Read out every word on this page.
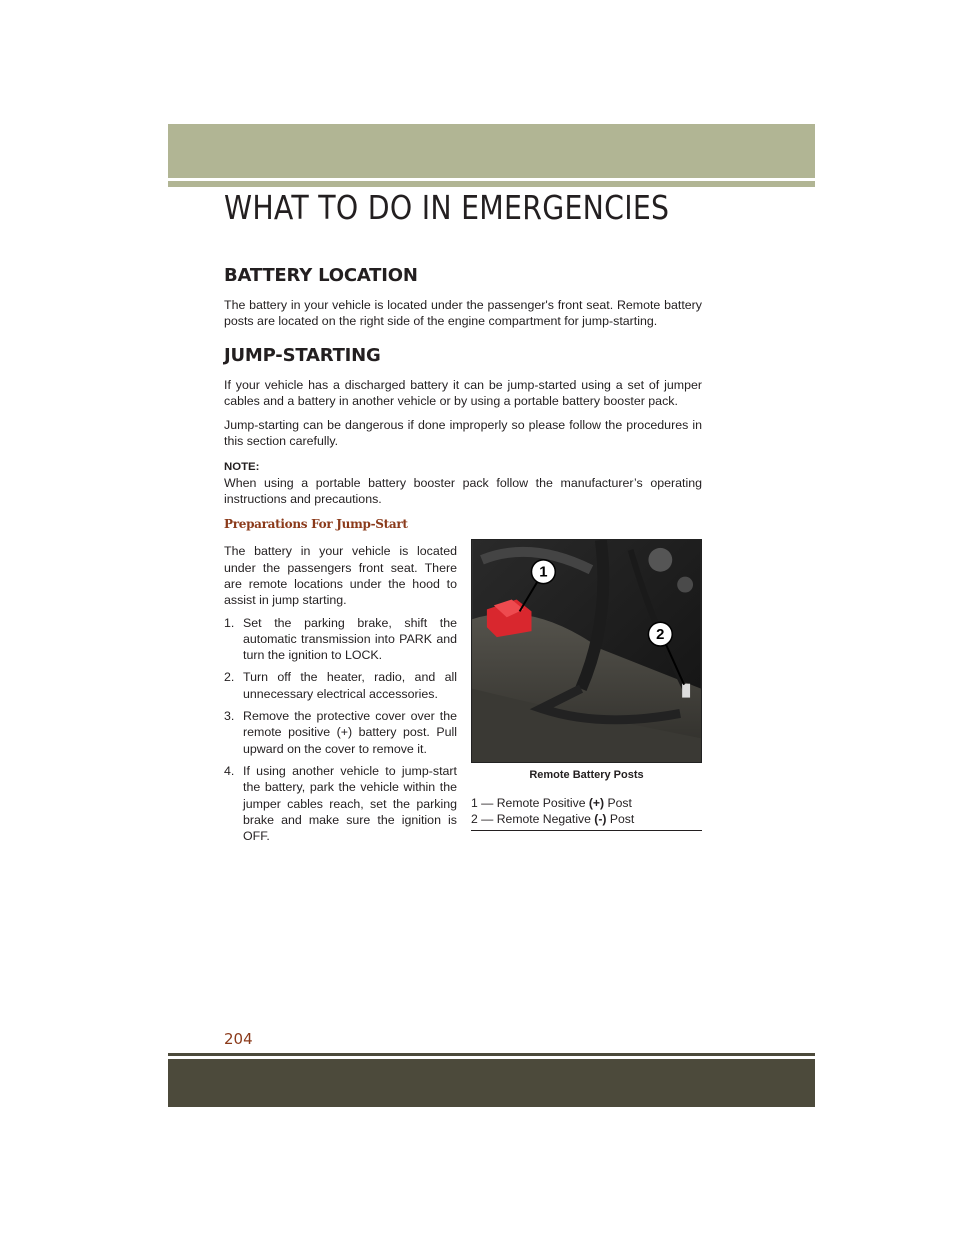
WHAT TO DO IN EMERGENCIES
BATTERY LOCATION

The battery in your vehicle is located under the passenger's front seat. Remote battery posts are located on the right side of the engine compartment for jump-starting.

JUMP-STARTING

If your vehicle has a discharged battery it can be jump-started using a set of jumper cables and a battery in another vehicle or by using a portable battery booster pack.

Jump-starting can be dangerous if done improperly so please follow the procedures in this section carefully.

NOTE:

When using a portable battery booster pack follow the manufacturer’s operating instructions and precautions.

Preparations For Jump-Start

The battery in your vehicle is located under the passengers front seat. There are remote locations under the hood to assist in jump starting.

1. Set the parking brake, shift the automatic transmission into PARK and turn the ignition to LOCK.
2. Turn off the heater, radio, and all unnecessary electrical accessories.
3. Remove the protective cover over the remote positive (+) battery post. Pull upward on the cover to remove it.
4. If using another vehicle to jump-start the battery, park the vehicle within the jumper cables reach, set the parking brake and make sure the ignition is OFF.
1
2
Remote Battery Posts
1 — Remote Positive (+) Post
2 — Remote Negative (-) Post
204
